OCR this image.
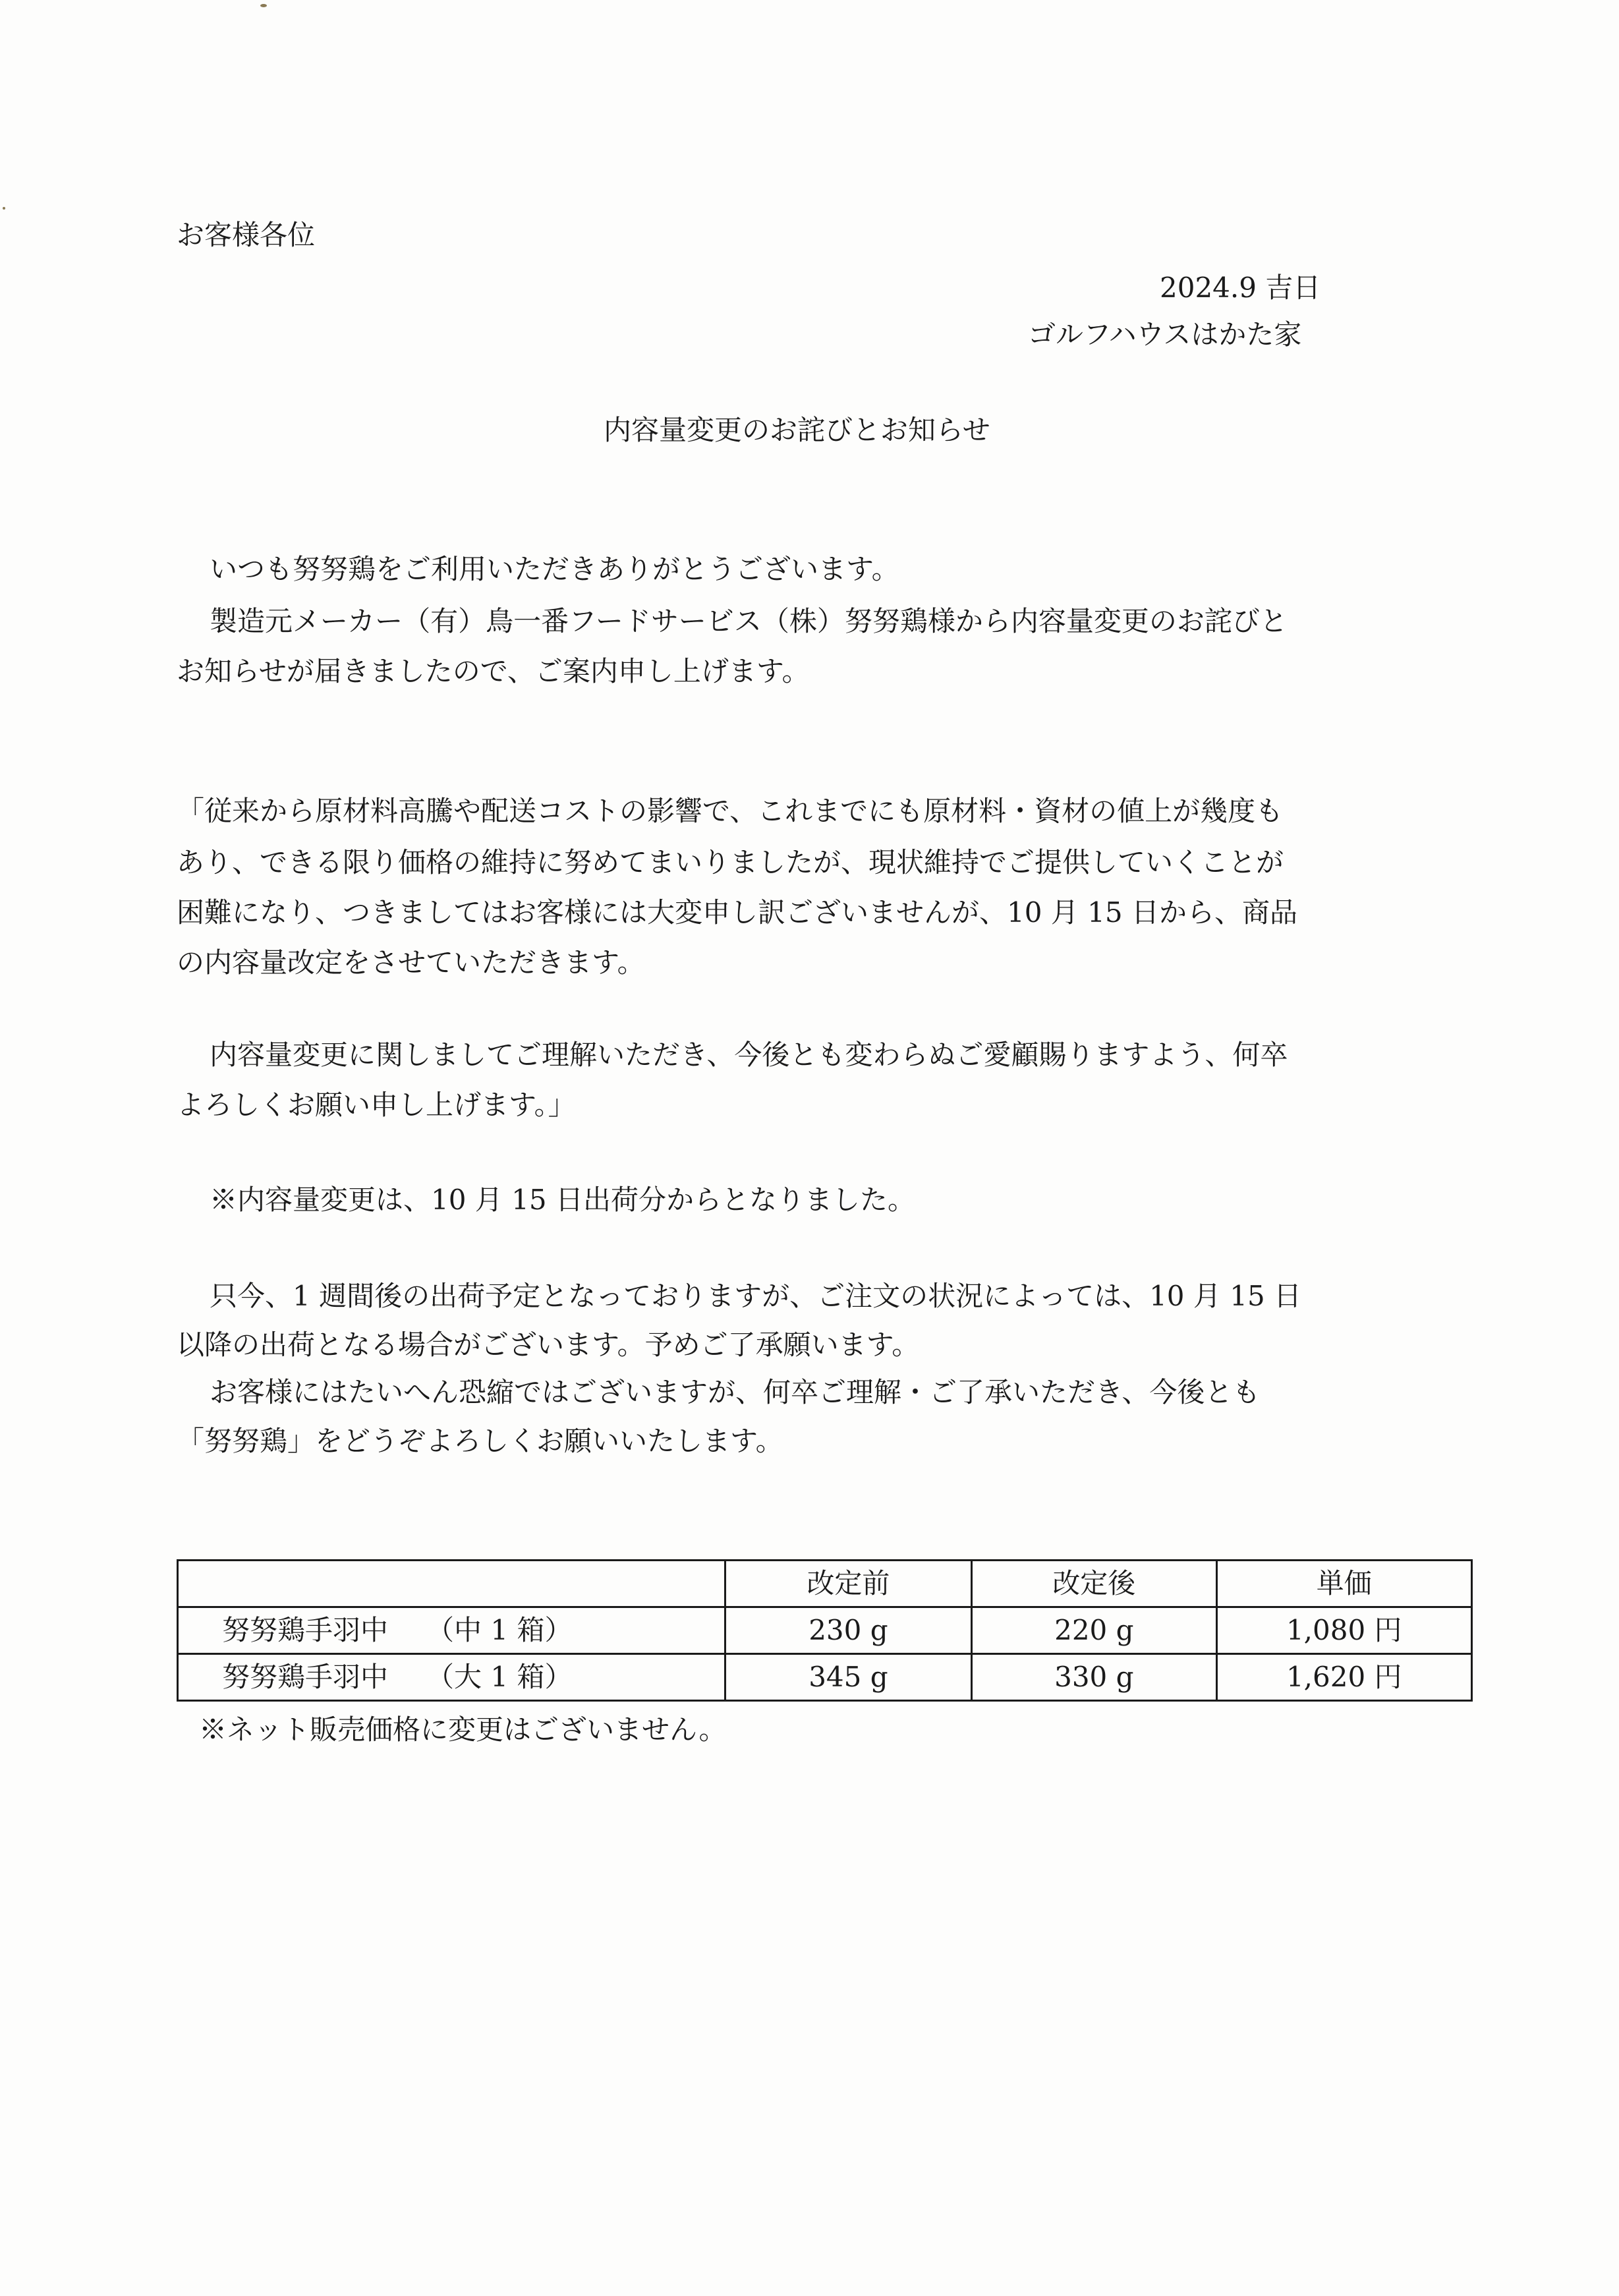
お客様各位
2024.9 吉日
ゴルフハウスはかた家
内容量変更のお詫びとお知らせ
いつも努努鶏をご利用いただきありがとうございます。
製造元メーカー（有）鳥一番フードサービス（株）努努鶏様から内容量変更のお詫びと
お知らせが届きましたので、ご案内申し上げます。
「従来から原材料高騰や配送コストの影響で、これまでにも原材料・資材の値上が幾度も
あり、できる限り価格の維持に努めてまいりましたが、現状維持でご提供していくことが
困難になり、つきましてはお客様には大変申し訳ございませんが、10 月 15 日から、商品
の内容量改定をさせていただきます。
内容量変更に関しましてご理解いただき、今後とも変わらぬご愛顧賜りますよう、何卒
よろしくお願い申し上げます。」
※内容量変更は、10 月 15 日出荷分からとなりました。
只今、1 週間後の出荷予定となっておりますが、ご注文の状況によっては、10 月 15 日
以降の出荷となる場合がございます。予めご了承願います。
お客様にはたいへん恐縮ではございますが、何卒ご理解・ご了承いただき、今後とも
「努努鶏」をどうぞよろしくお願いいたします。
	改定前	改定後	単価
努努鶏手羽中 （中 1 箱）	230 g	220 g	1,080 円
努努鶏手羽中 （大 1 箱）	345 g	330 g	1,620 円
※ネット販売価格に変更はございません。
